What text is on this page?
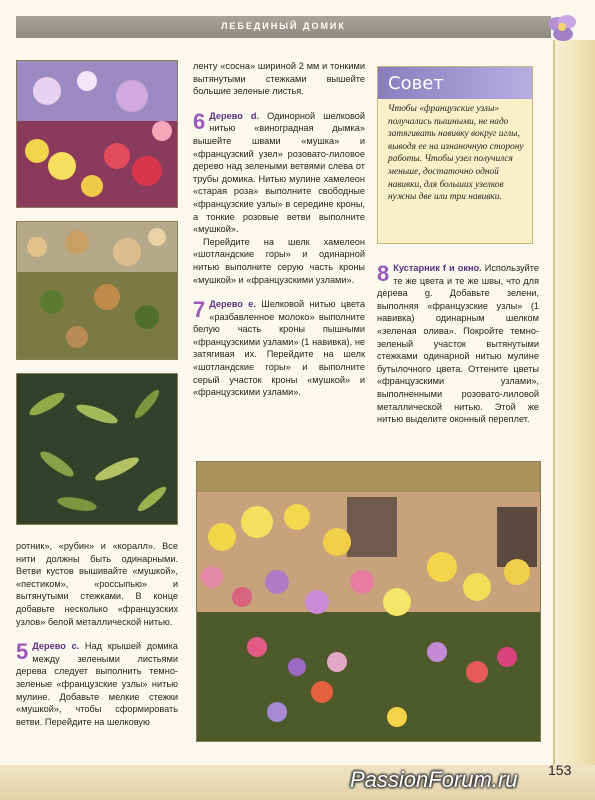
ЛЕБЕДИНЫЙ ДОМИК

ленту «сосна» шириной 2 мм и тонкими вытянутыми стежками вышейте большие зеленые листья.

6 Дерево d. Одинорной шелковой нитью «виноградная дымка» вышейте швами «мушка» и «французский узел» розовато-лиловое дерево над зелеными ветвями слева от трубы домика. Нитью мулине хамелеон «старая роза» выполните свободные «французские узлы» в середине кроны, а тонкие розовые ветви выполните «мушкой».

Перейдите на шелк хамелеон «шотландские горы» и одинарной нитью выполните серую часть кроны «мушкой» и «французскими узлами».

7 Дерево е. Шелковой нитью цвета «разбавленное молоко» выполните белую часть кроны пышными «французскими узлами» (1 навивка), не затягивая их. Перейдите на шелк «шотландские горы» и выполните серый участок кроны «мушкой» и «французскими узлами».

Совет
Чтобы «французские узлы» получались пышными, не надо затягивать навивку вокруг иглы, выводя ее на изнаночную сторону работы. Чтобы узел получился меньше, достаточно одной навивки, для больших узелков нужны две или три навивки.

8 Кустарник f и окно. Используйте те же цвета и те же швы, что для дерева g. Добавьте зелени, выполняя «французские узлы» (1 навивка) одинарным шелком «зеленая олива». Покройте темно-зеленый участок вытянутыми стежками одинарной нитью мулине бутылочного цвета. Оттените цветы «французскими узлами», выполненными розовато-лиловой металлической нитью. Этой же нитью выделите оконный переплет.

ротник», «рубин» и «коралл». Все нити должны быть одинарными. Ветви кустов вышивайте «мушкой», «пестиком», «россыпью» и вытянутыми стежками. В конце добавьте несколько «французских узлов» белой металлической нитью.

5 Дерево с. Над крышей домика между зелеными листьями дерева следует выполнить темно-зеленые «французские узлы» нитью мулине. Добавьте мелкие стежки «мушкой», чтобы сформировать ветви. Перейдите на шелковую

153
PassionForum.ru
